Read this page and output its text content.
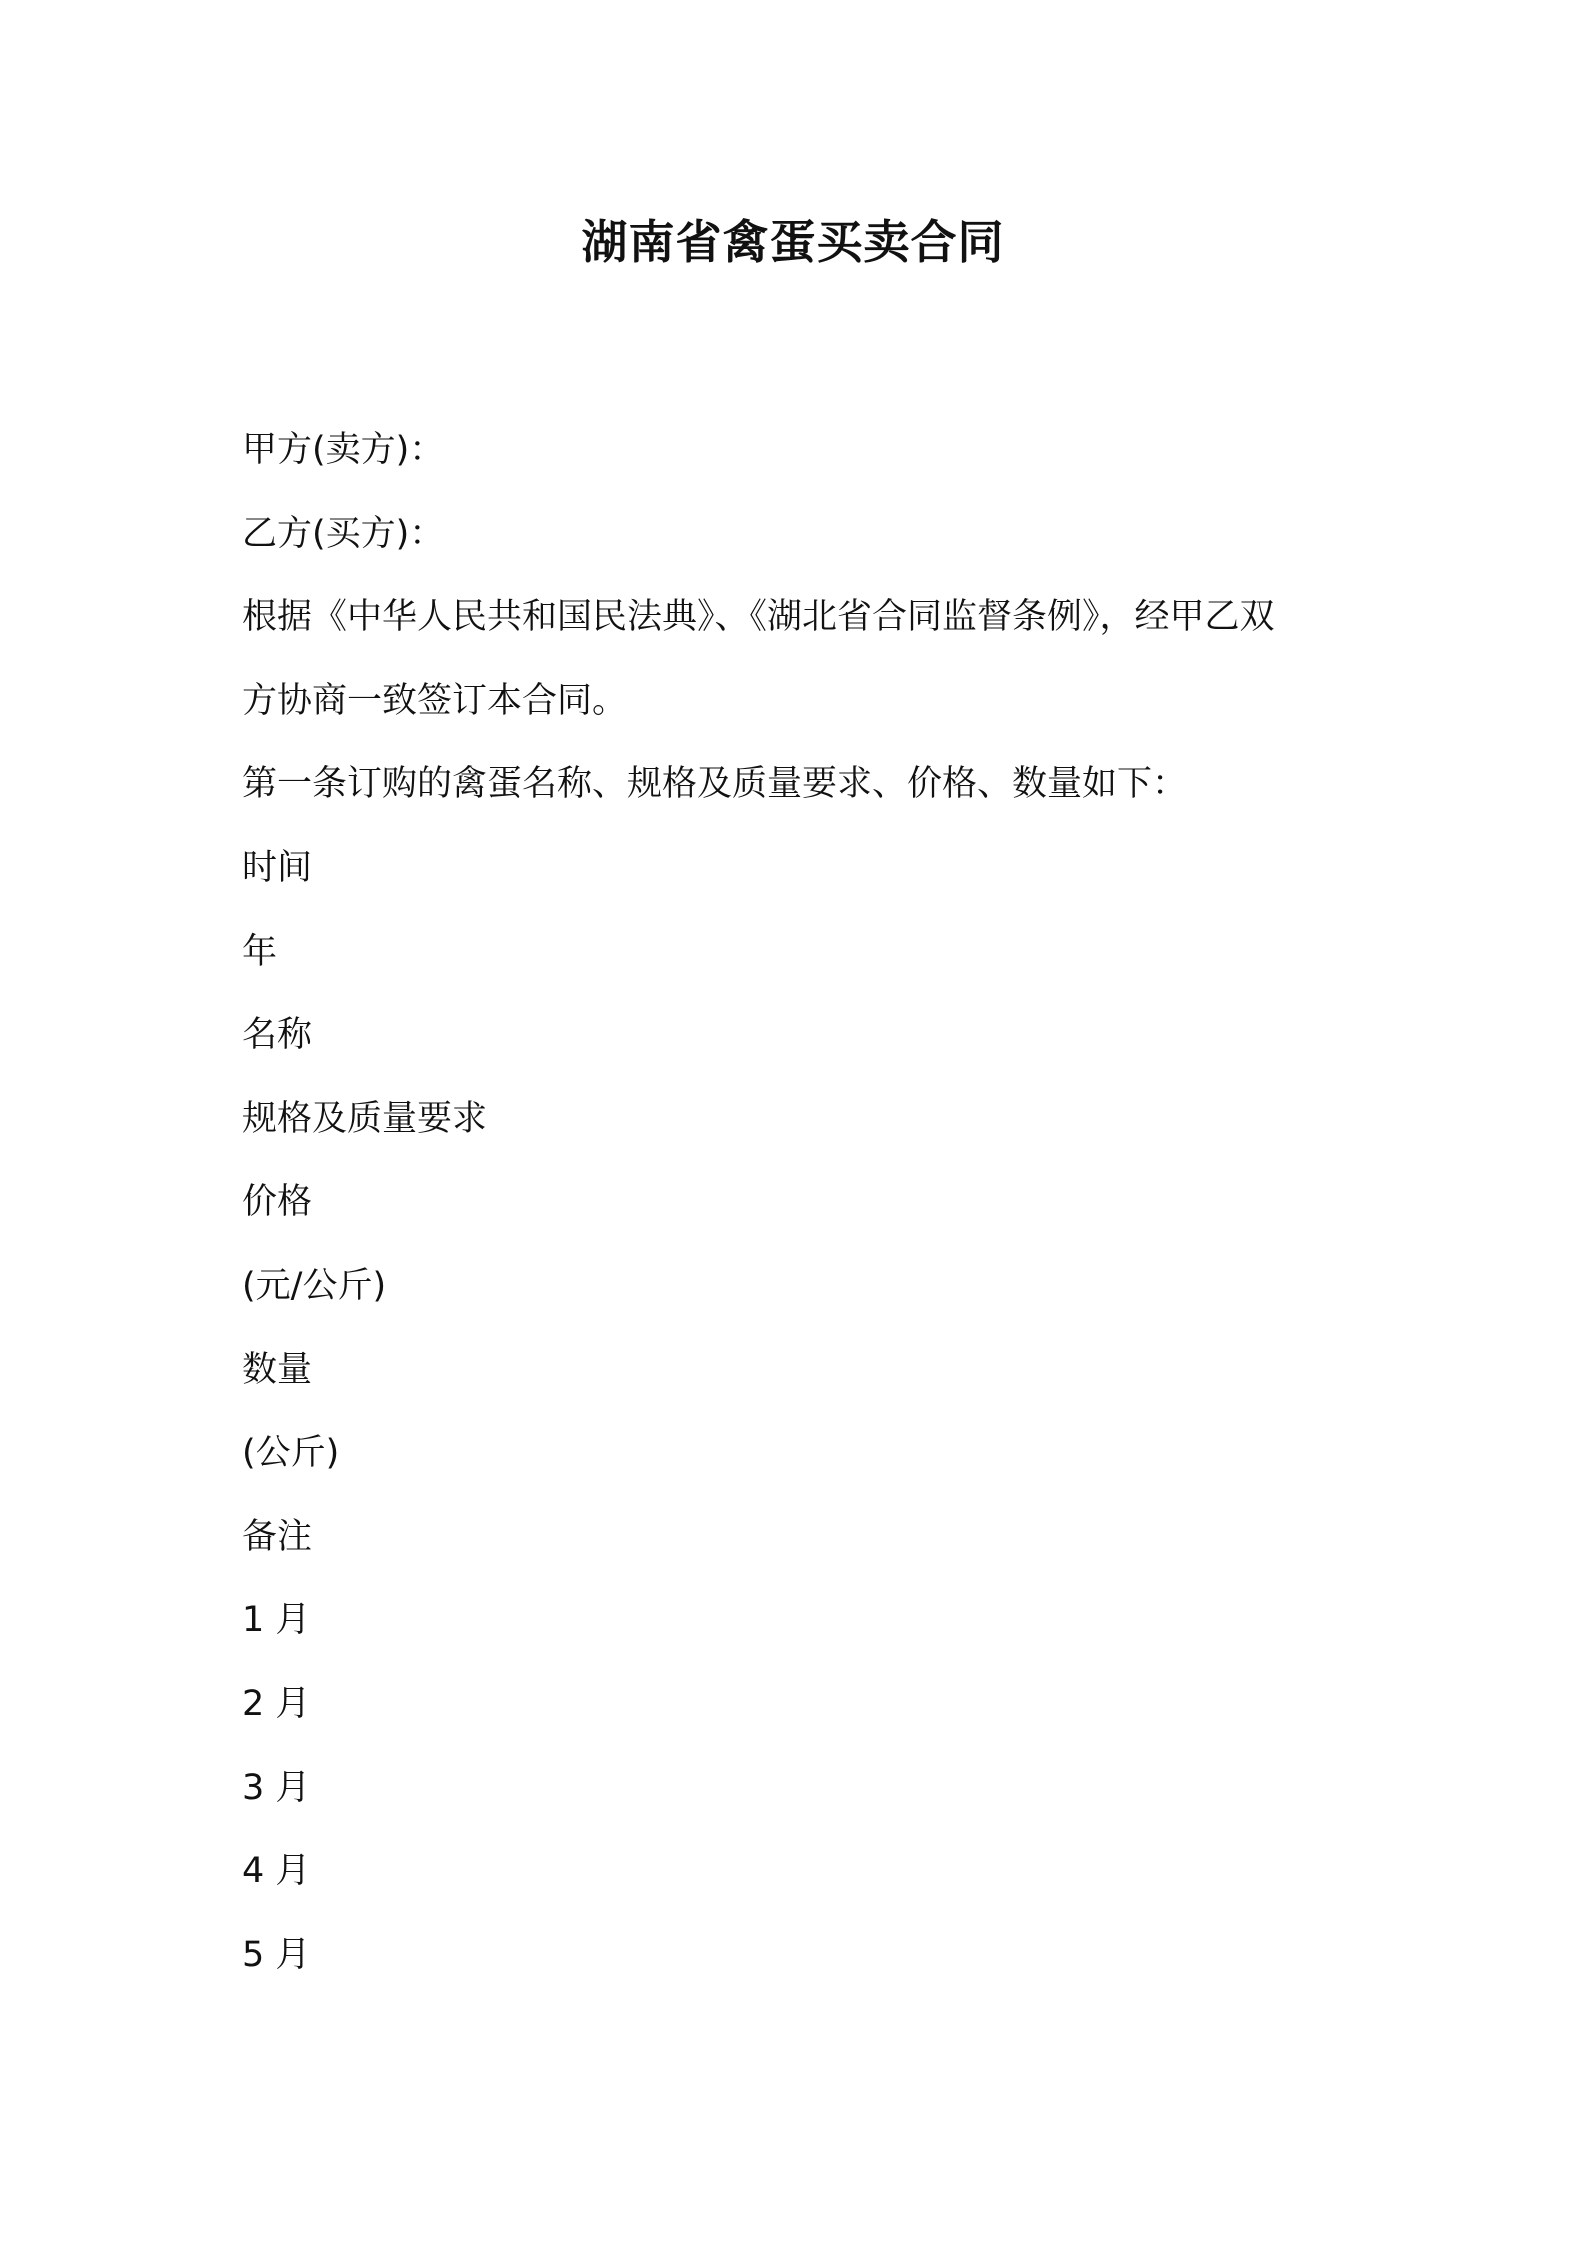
湖南省禽蛋买卖合同

甲方(卖方)：

乙方(买方)：

根据《中华人民共和国民法典》、《湖北省合同监督条例》，经甲乙双

方协商一致签订本合同。

第一条订购的禽蛋名称、规格及质量要求、价格、数量如下：

时间

年

名称

规格及质量要求

价格

(元/公斤)

数量

(公斤)

备注

1 月

2 月

3 月

4 月

5 月
